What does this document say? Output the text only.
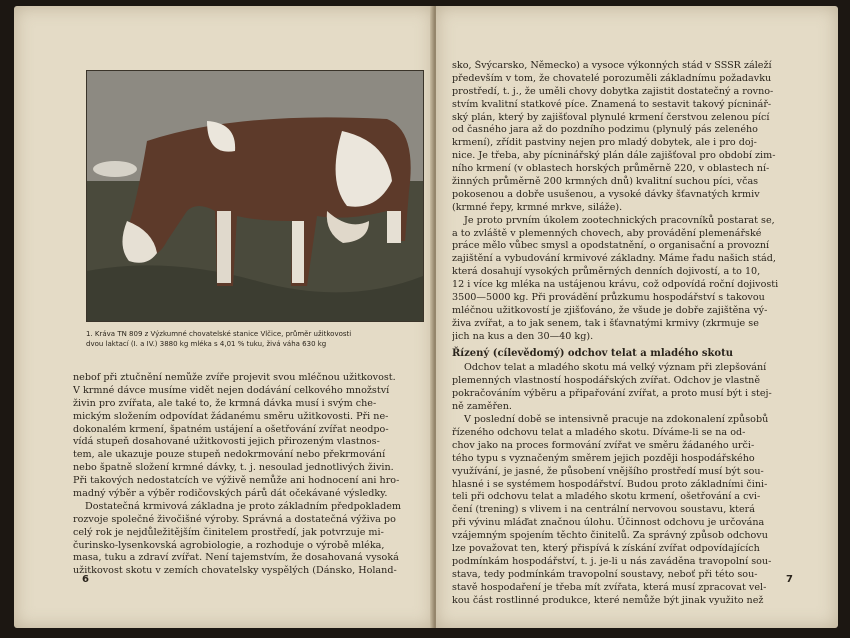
1. Kráva TN 809 z Výzkumné chovatelské stanice Vlčice, průměr užitkovosti
dvou laktací (I. a IV.) 3880 kg mléka s 4,01 % tuku, živá váha 630 kg
nebof při ztučnění nemůže zvíře projevit svou mléčnou užitkovost.
V krmné dávce musíme vidět nejen dodávání celkového množství
živin pro zvířata, ale také to, že krmná dávka musí i svým che-
mickým složením odpovídat žádanému směru užitkovosti. Při ne-
dokonalém krmení, špatném ustájení a ošetřování zvířat neodpo-
vídá stupeň dosahované užitkovosti jejich přirozeným vlastnos-
tem, ale ukazuje pouze stupeň nedokrmování nebo překrmování
nebo špatně složení krmné dávky, t. j. nesoulad jednotlivých živin.
Při takových nedostatcích ve výživě nemůže ani hodnocení ani hro-
madný výběr a výběr rodičovských párů dát očekávané výsledky.
Dostatečná krmivová základna je proto základním předpokladem
rozvoje společné živočišné výroby. Správná a dostatečná výživa po
celý rok je nejdůležitějším činitelem prostředí, jak potvrzuje mi-
čurinsko-lysenkovská agrobiologie, a rozhoduje o výrobě mléka,
masa, tuku a zdraví zvířat. Není tajemstvím, že dosahovaná vysoká
užitkovost skotu v zemích chovatelsky vyspělých (Dánsko, Holand-
6
sko, Švýcarsko, Německo) a vysoce výkonných stád v SSSR záleží
především v tom, že chovatelé porozuměli základnímu požadavku
prostředí, t. j., že uměli chovy dobytka zajistit dostatečný a rovno-
stvím kvalitní statkové píce. Znamená to sestavit takový pícninář-
ský plán, který by zajišťoval plynulé krmení čerstvou zelenou pící
od časného jara až do pozdního podzimu (plynulý pás zeleného
krmení), zřídit pastviny nejen pro mladý dobytek, ale i pro doj-
nice. Je třeba, aby pícninářský plán dále zajišťoval pro období zim-
ního krmení (v oblastech horských průměrně 220, v oblastech ní-
žinných průměrně 200 krmných dnů) kvalitní suchou píci, včas
pokosenou a dobře usušenou, a vysoké dávky šťavnatých krmiv
(krmné řepy, krmné mrkve, siláže).
Je proto prvním úkolem zootechnických pracovníků postarat se,
a to zvláště v plemenných chovech, aby provádění plemenářské
práce mělo vůbec smysl a opodstatnění, o organisační a provozní
zajištění a vybudování krmivové základny. Máme řadu našich stád,
která dosahují vysokých průměrných denních dojivostí, a to 10,
12 i více kg mléka na ustájenou krávu, což odpovídá roční dojivosti
3500—5000 kg. Při provádění průzkumu hospodářství s takovou
mléčnou užitkovostí je zjišťováno, že všude je dobře zajištěna vý-
živa zvířat, a to jak senem, tak i šťavnatými krmivy (zkrmuje se
jich na kus a den 30—40 kg).
Řízený (cílevědomý) odchov telat a mladého skotu
Odchov telat a mladého skotu má velký význam při zlepšování
plemenných vlastností hospodářských zvířat. Odchov je vlastně
pokračováním výběru a připařování zvířat, a proto musí být i stej-
ně zaměřen.
V poslední době se intensivně pracuje na zdokonalení způsobů
řízeného odchovu telat a mladého skotu. Díváme-li se na od-
chov jako na proces formování zvířat ve směru žádaného urči-
tého typu s vyznačeným směrem jejich později hospodářského
využívání, je jasné, že působení vnějšího prostředí musí být sou-
hlasné i se systémem hospodářství. Budou proto základními čini-
teli při odchovu telat a mladého skotu krmení, ošetřování a cvi-
čení (trening) s vlivem i na centrální nervovou soustavu, která
při vývinu mláďat značnou úlohu. Účinnost odchovu je určována
vzájemným spojením těchto činitelů. Za správný způsob odchovu
lze považovat ten, který přispívá k získání zvířat odpovídajících
podmínkám hospodářství, t. j. je-li u nás zaváděna travopolní sou-
stava, tedy podmínkám travopolní soustavy, neboť při této sou-
stavě hospodaření je třeba mít zvířata, která musí zpracovat vel-
kou část rostlinné produkce, které nemůže být jinak využito než
7
